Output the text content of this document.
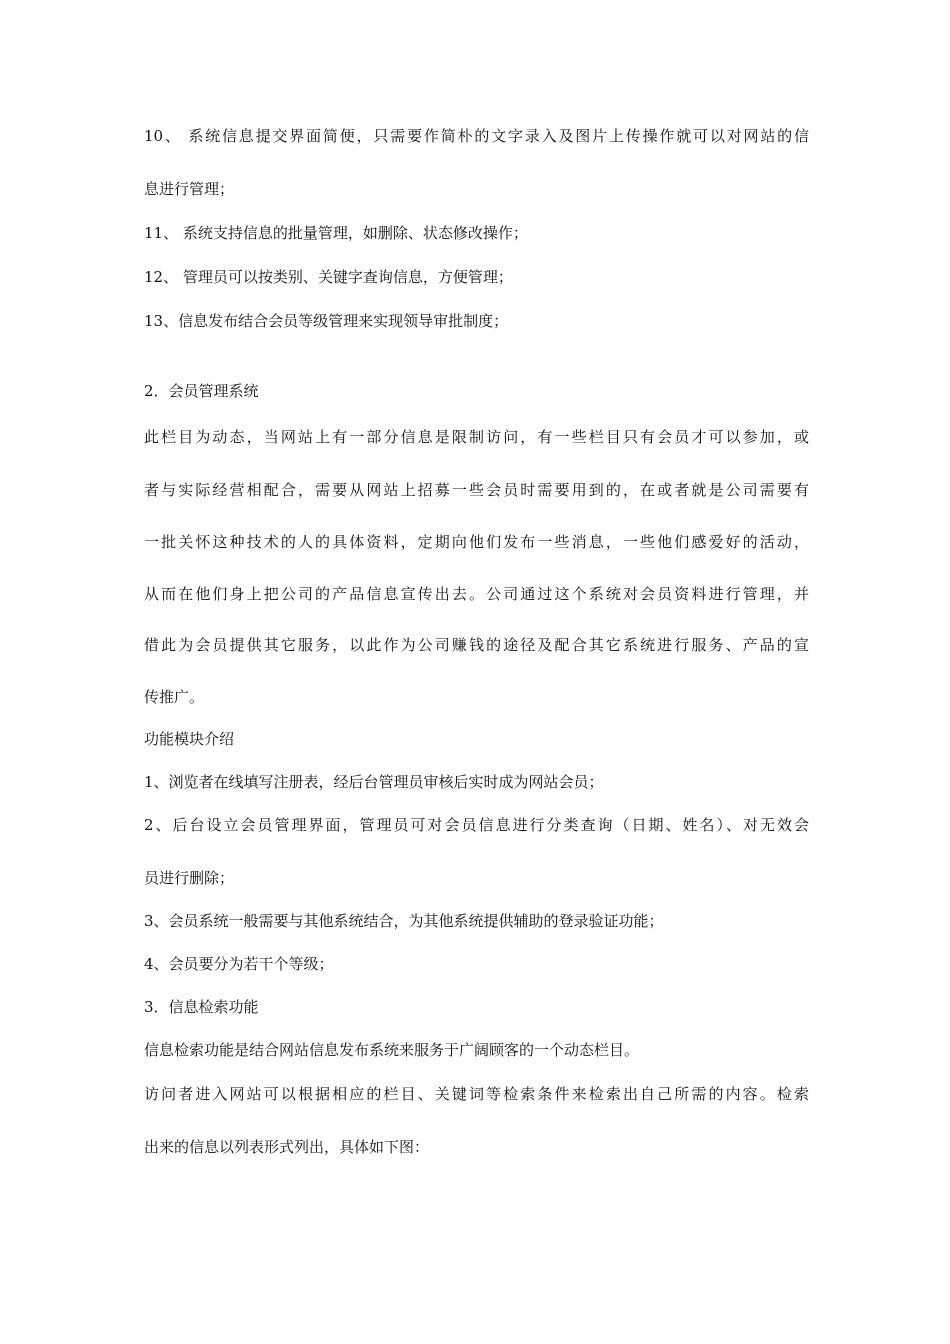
10、 系统信息提交界面简便，只需要作简朴的文字录入及图片上传操作就可以对网站的信
息进行管理；
11、 系统支持信息的批量管理，如删除、状态修改操作；
12、 管理员可以按类别、关键字查询信息，方便管理；
13、信息发布结合会员等级管理来实现领导审批制度；
2．会员管理系统
此栏目为动态，当网站上有一部分信息是限制访问，有一些栏目只有会员才可以参加，或
者与实际经营相配合，需要从网站上招募一些会员时需要用到的，在或者就是公司需要有
一批关怀这种技术的人的具体资料，定期向他们发布一些消息，一些他们感爱好的活动，
从而在他们身上把公司的产品信息宣传出去。公司通过这个系统对会员资料进行管理，并
借此为会员提供其它服务，以此作为公司赚钱的途径及配合其它系统进行服务、产品的宣
传推广。
功能模块介绍
1、浏览者在线填写注册表，经后台管理员审核后实时成为网站会员；
2、后台设立会员管理界面，管理员可对会员信息进行分类查询（日期、姓名）、对无效会
员进行删除；
3、会员系统一般需要与其他系统结合，为其他系统提供辅助的登录验证功能；
4、会员要分为若干个等级；
3．信息检索功能
信息检索功能是结合网站信息发布系统来服务于广阔顾客的一个动态栏目。
访问者进入网站可以根据相应的栏目、关键词等检索条件来检索出自己所需的内容。检索
出来的信息以列表形式列出，具体如下图：
